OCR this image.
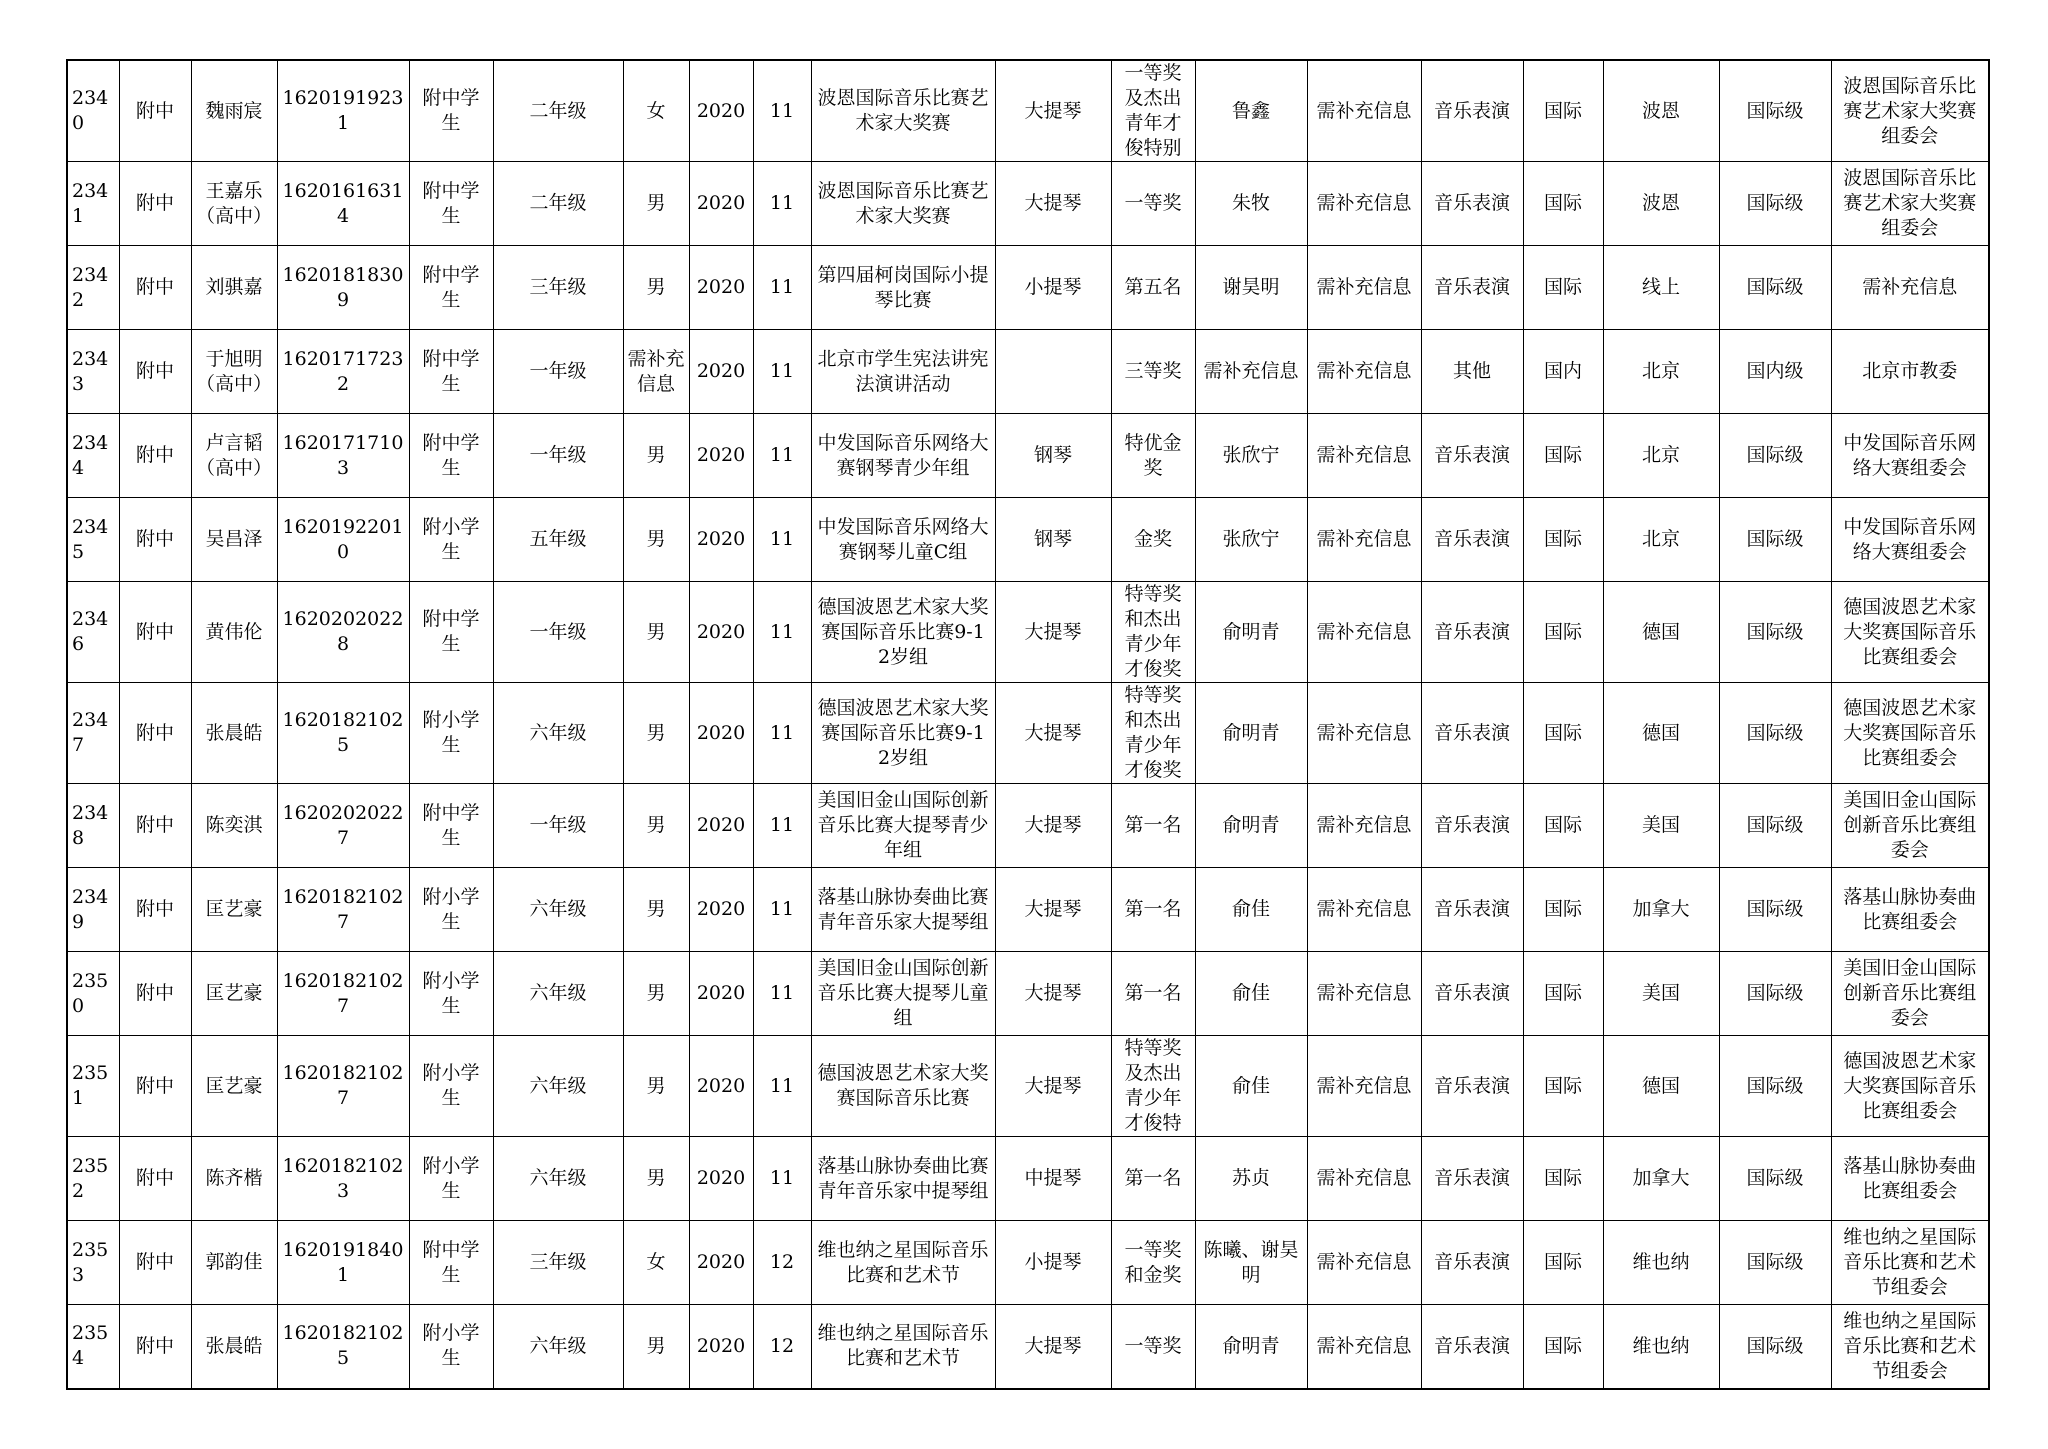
2340	附中	魏雨宸	16201919231	附中学生	二年级	女	2020	11	波恩国际音乐比赛艺术家大奖赛	大提琴	一等奖及杰出青年才俊特别	鲁鑫	需补充信息	音乐表演	国际	波恩	国际级	波恩国际音乐比赛艺术家大奖赛组委会
2341	附中	王嘉乐（高中）	16201616314	附中学生	二年级	男	2020	11	波恩国际音乐比赛艺术家大奖赛	大提琴	一等奖	朱牧	需补充信息	音乐表演	国际	波恩	国际级	波恩国际音乐比赛艺术家大奖赛组委会
2342	附中	刘骐嘉	16201818309	附中学生	三年级	男	2020	11	第四届柯岗国际小提琴比赛	小提琴	第五名	谢昊明	需补充信息	音乐表演	国际	线上	国际级	需补充信息
2343	附中	于旭明（高中）	16201717232	附中学生	一年级	需补充信息	2020	11	北京市学生宪法讲宪法演讲活动		三等奖	需补充信息	需补充信息	其他	国内	北京	国内级	北京市教委
2344	附中	卢言韬（高中）	16201717103	附中学生	一年级	男	2020	11	中发国际音乐网络大赛钢琴青少年组	钢琴	特优金奖	张欣宁	需补充信息	音乐表演	国际	北京	国际级	中发国际音乐网络大赛组委会
2345	附中	吴昌泽	16201922010	附小学生	五年级	男	2020	11	中发国际音乐网络大赛钢琴儿童C组	钢琴	金奖	张欣宁	需补充信息	音乐表演	国际	北京	国际级	中发国际音乐网络大赛组委会
2346	附中	黄伟伦	16202020228	附中学生	一年级	男	2020	11	德国波恩艺术家大奖赛国际音乐比赛9-12岁组	大提琴	特等奖和杰出青少年才俊奖	俞明青	需补充信息	音乐表演	国际	德国	国际级	德国波恩艺术家大奖赛国际音乐比赛组委会
2347	附中	张晨皓	16201821025	附小学生	六年级	男	2020	11	德国波恩艺术家大奖赛国际音乐比赛9-12岁组	大提琴	特等奖和杰出青少年才俊奖	俞明青	需补充信息	音乐表演	国际	德国	国际级	德国波恩艺术家大奖赛国际音乐比赛组委会
2348	附中	陈奕淇	16202020227	附中学生	一年级	男	2020	11	美国旧金山国际创新音乐比赛大提琴青少年组	大提琴	第一名	俞明青	需补充信息	音乐表演	国际	美国	国际级	美国旧金山国际创新音乐比赛组委会
2349	附中	匡艺豪	16201821027	附小学生	六年级	男	2020	11	落基山脉协奏曲比赛青年音乐家大提琴组	大提琴	第一名	俞佳	需补充信息	音乐表演	国际	加拿大	国际级	落基山脉协奏曲比赛组委会
2350	附中	匡艺豪	16201821027	附小学生	六年级	男	2020	11	美国旧金山国际创新音乐比赛大提琴儿童组	大提琴	第一名	俞佳	需补充信息	音乐表演	国际	美国	国际级	美国旧金山国际创新音乐比赛组委会
2351	附中	匡艺豪	16201821027	附小学生	六年级	男	2020	11	德国波恩艺术家大奖赛国际音乐比赛	大提琴	特等奖及杰出青少年才俊特	俞佳	需补充信息	音乐表演	国际	德国	国际级	德国波恩艺术家大奖赛国际音乐比赛组委会
2352	附中	陈齐楷	16201821023	附小学生	六年级	男	2020	11	落基山脉协奏曲比赛青年音乐家中提琴组	中提琴	第一名	苏贞	需补充信息	音乐表演	国际	加拿大	国际级	落基山脉协奏曲比赛组委会
2353	附中	郭韵佳	16201918401	附中学生	三年级	女	2020	12	维也纳之星国际音乐比赛和艺术节	小提琴	一等奖和金奖	陈曦、谢昊明	需补充信息	音乐表演	国际	维也纳	国际级	维也纳之星国际音乐比赛和艺术节组委会
2354	附中	张晨皓	16201821025	附小学生	六年级	男	2020	12	维也纳之星国际音乐比赛和艺术节	大提琴	一等奖	俞明青	需补充信息	音乐表演	国际	维也纳	国际级	维也纳之星国际音乐比赛和艺术节组委会
